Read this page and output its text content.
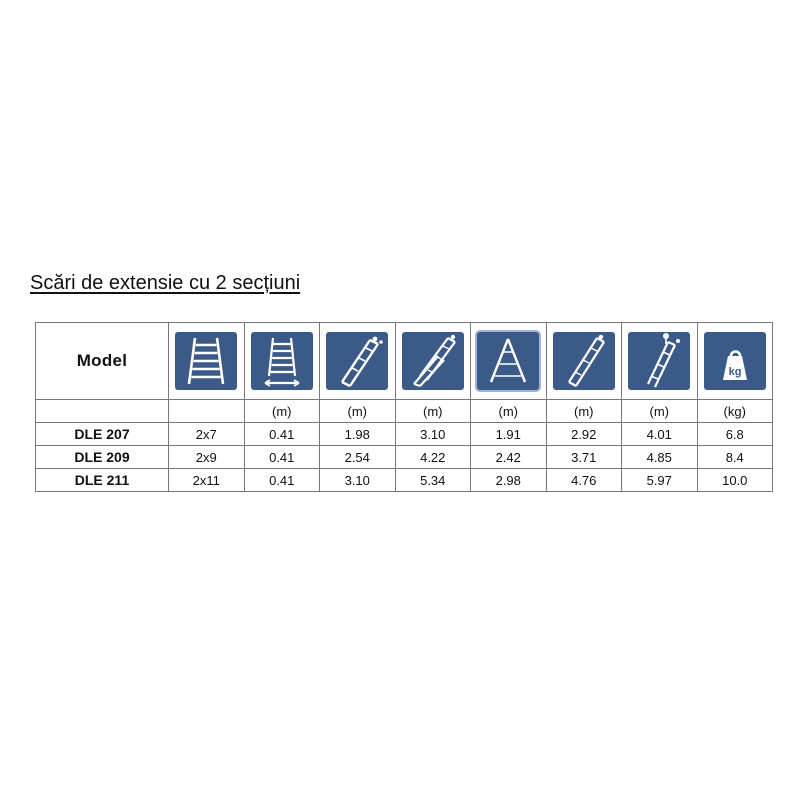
Scări de extensie cu 2 secțiuni
Model								kg

		(m)	(m)	(m)	(m)	(m)	(m)	(kg)
DLE 207	2x7	0.41	1.98	3.10	1.91	2.92	4.01	6.8
DLE 209	2x9	0.41	2.54	4.22	2.42	3.71	4.85	8.4
DLE 211	2x11	0.41	3.10	5.34	2.98	4.76	5.97	10.0
